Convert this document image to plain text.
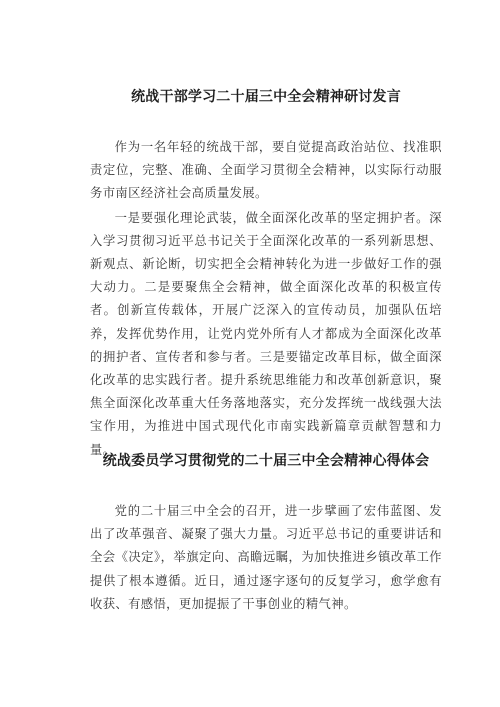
统战干部学习二十届三中全会精神研讨发言

作为一名年轻的统战干部，要自觉提高政治站位、找准职责定位，完整、准确、全面学习贯彻全会精神，以实际行动服务市南区经济社会高质量发展。

一是要强化理论武装，做全面深化改革的坚定拥护者。深入学习贯彻习近平总书记关于全面深化改革的一系列新思想、新观点、新论断，切实把全会精神转化为进一步做好工作的强大动力。二是要聚焦全会精神，做全面深化改革的积极宣传者。创新宣传载体，开展广泛深入的宣传动员，加强队伍培养，发挥优势作用，让党内党外所有人才都成为全面深化改革的拥护者、宣传者和参与者。三是要锚定改革目标，做全面深化改革的忠实践行者。提升系统思维能力和改革创新意识，聚焦全面深化改革重大任务落地落实，充分发挥统一战线强大法宝作用，为推进中国式现代化市南实践新篇章贡献智慧和力量。

统战委员学习贯彻党的二十届三中全会精神心得体会

党的二十届三中全会的召开，进一步擘画了宏伟蓝图、发出了改革强音、凝聚了强大力量。习近平总书记的重要讲话和全会《决定》，举旗定向、高瞻远瞩，为加快推进乡镇改革工作提供了根本遵循。近日，通过逐字逐句的反复学习，愈学愈有收获、有感悟，更加提振了干事创业的精气神。
